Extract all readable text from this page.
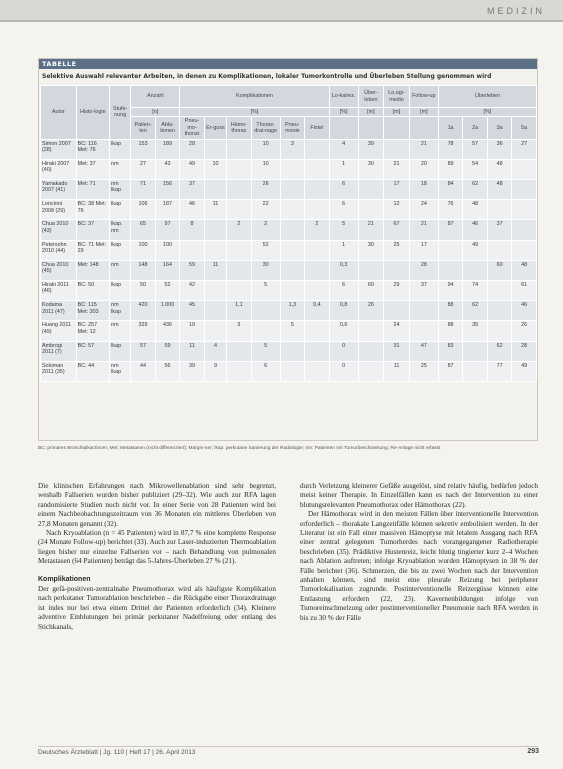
MEDIZIN
TABELLE
Selektive Auswahl relevanter Arbeiten, in denen zu Komplikationen, lokaler Tumorkontrolle und Überleben Stellung genommen wird
Autor	Histo-logie	Stufe-nung	Anzahl		Komplikationen						Lo-kalrez.	Über-leben	Lo.ogi-medio	Follow-up	Überleben			
			[n]		[%]						[%]	[m]	[m]	[m]	[%]			
			Patien-ten	Abla-tionen	Pneu-mo-thorax	Er-guss	Hämo-thorax	Thorax-drai-nage	Pneu-monie	Fistel					1a	2a	3a	5a
Simon 2007 (28)	BC: 116 Met: 76	lkap	153	189	28			10	3		4	39		21	78	57	36	27
Hiraki 2007 (40)	Met: 37	nm	27	43	49	10		10			1	30	21	20	89	54	48	
Yamakado 2007 (41)	Met: 71	nm lkap	71	156	37			26			6		17	18	84	62	48	
Lencioni 2008 (29)	BC: 38 Met: 76	lkap	106	187	46	11		22			6		12	24	76	48		
Chua 2010 (43)	BC: 37	lkap. nm	65	97	8		2	2		2	5	21	67	21	87	46	37	
Petersohn 2010 (44)	BC: 71 Met: 29	lkap	100	100				52			1	30	25	17		49		
Chua 2010 (45)	Met: 148	nm	148	164	59	11		30			0,3			28			60	48
Hiraki 2011 (46)	BC: 50	lkap	50	52	42			5			6	60	29	37	94	74		61
Kodama 2011 (47)	BC: 115 Met: 303	nm lkap	420	1.000	45		1,1		1,3	0,4	0,8	26			88	62		46
Huang 2011 (49)	BC: 257 Met: 12	nm	329	436	19		3		5		0,6		24		88	35		26
Ambrogi 2011 (7)	BC: 57	lkap	57	59	11	4		5			0		31	47	83		62	28
Soloman 2011 (35)	BC: 44	nm lkap	44	56	39	9		6			0		11	25	87		77	49
BC: primäres Bronchialkarzinom; Met: Metastasen (nicht differenziert); Margin-ner; lkap: perkutane Sanierung der Radiologie; nm: Patienten mit Tumorbeschränkung; Re-Anlage nicht erfasst

Die klinischen Erfahrungen nach Mikrowellenablation sind sehr begrenzt, weshalb Fallserien wurden bisher publiziert (29–32). Wie auch zur RFA lagen randomisierte Studien noch nicht vor. In einer Serie von 28 Patienten wird bei einem Nachbeobachtungszeitraum von 36 Monaten ein mittleres Überleben von 27,8 Monaten genannt (32).

Nach Kryoablation (n = 45 Patienten) wird in 87,7 % eine komplette Response (24 Monate Follow-up) berichtet (33). Auch zur Laser-induzierten Thermoablation liegen bisher nur einzelne Fallserien vor – nach Behandlung von pulmonalen Metastasen (64 Patienten) beträgt das 5-Jahres-Überleben 27 % (21).

Komplikationen

Der gefä-positiven-zentralnahe Pneumothorax wird als häufigste Komplikation nach perkutaner Tumorablation beschrieben – die Rückgabe einer Thoraxdrainage ist indes nur bei etwa einem Drittel der Patienten erforderlich (34). Kleinere adventive Einblutungen bei primär perkutaner Nadelfreiung oder entlang des Stichkanals,

durch Verletzung kleinerer Gefäße ausgelöst, sind relativ häufig, bedürfen jedoch meist keiner Therapie. In Einzelfällen kann es nach der Intervention zu einer blutungsrelevanten Pneumothorax oder Hämothorax (22).

Der Hämothorax wird in den meisten Fällen über interventionelle Intervention erforderlich – thorakale Langzeitfälle können sekretiv embolisiert werden. In der Literatur ist ein Fall einer massiven Hämoptyse mit letalem Ausgang nach RFA einer zentral gelegenen Tumorherdes nach vorangegangener Radiotherapie beschrieben (35). Prädiktive Hustenreiz, leicht blutig tingierter kurz 2–4 Wochen nach Ablation auftreten; infolge Kryoablation wurden Hämoptysen in 38 % der Fälle berichtet (36). Schmerzen, die bis zu zwei Wochen nach der Intervention anhalten können, sind meist eine pleurale Reizung bei peripherer Tumorlokalisation zugrunde. Postinterventionelle Reizergüsse können eine Entlastung erfordern (22, 23). Kavernenbildungen infolge von Tumoreinschmelzung oder postinterventioneller Pneumonie nach RFA werden in bis zu 30 % der Fälle

Deutsches Ärzteblatt | Jg. 110 | Heft 17 | 26. April 2013	293
